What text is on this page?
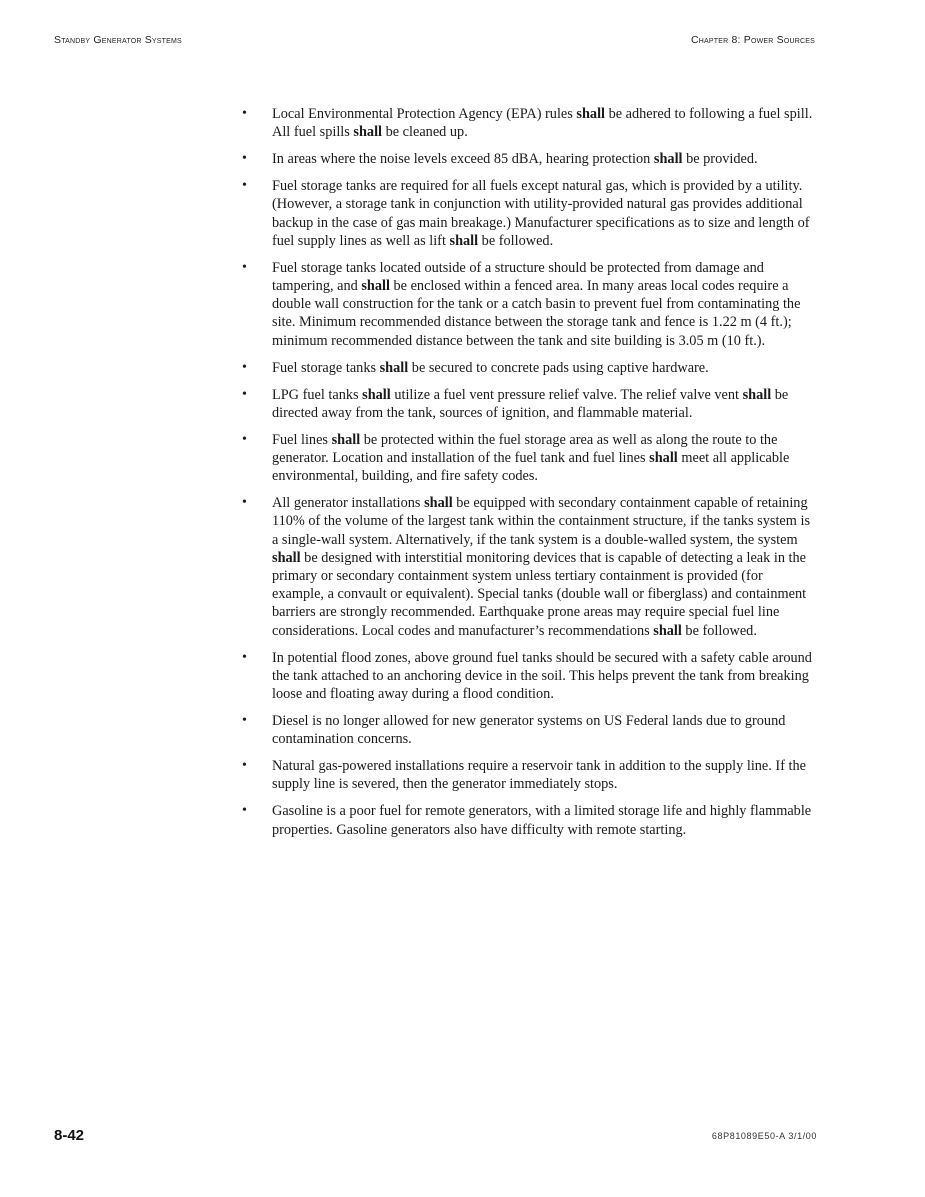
Standby Generator Systems	Chapter 8: Power Sources
• Local Environmental Protection Agency (EPA) rules shall be adhered to following a fuel spill. All fuel spills shall be cleaned up.
• In areas where the noise levels exceed 85 dBA, hearing protection shall be provided.
• Fuel storage tanks are required for all fuels except natural gas, which is provided by a utility. (However, a storage tank in conjunction with utility-provided natural gas provides additional backup in the case of gas main breakage.) Manufacturer specifications as to size and length of fuel supply lines as well as lift shall be followed.
• Fuel storage tanks located outside of a structure should be protected from damage and tampering, and shall be enclosed within a fenced area. In many areas local codes require a double wall construction for the tank or a catch basin to prevent fuel from contaminating the site. Minimum recommended distance between the storage tank and fence is 1.22 m (4 ft.); minimum recommended distance between the tank and site building is 3.05 m (10 ft.).
• Fuel storage tanks shall be secured to concrete pads using captive hardware.
• LPG fuel tanks shall utilize a fuel vent pressure relief valve. The relief valve vent shall be directed away from the tank, sources of ignition, and flammable material.
• Fuel lines shall be protected within the fuel storage area as well as along the route to the generator. Location and installation of the fuel tank and fuel lines shall meet all applicable environmental, building, and fire safety codes.
• All generator installations shall be equipped with secondary containment capable of retaining 110% of the volume of the largest tank within the containment structure, if the tanks system is a single-wall system. Alternatively, if the tank system is a double-walled system, the system shall be designed with interstitial monitoring devices that is capable of detecting a leak in the primary or secondary containment system unless tertiary containment is provided (for example, a convault or equivalent). Special tanks (double wall or fiberglass) and containment barriers are strongly recommended. Earthquake prone areas may require special fuel line considerations. Local codes and manufacturer’s recommendations shall be followed.
• In potential flood zones, above ground fuel tanks should be secured with a safety cable around the tank attached to an anchoring device in the soil. This helps prevent the tank from breaking loose and floating away during a flood condition.
• Diesel is no longer allowed for new generator systems on US Federal lands due to ground contamination concerns.
• Natural gas-powered installations require a reservoir tank in addition to the supply line. If the supply line is severed, then the generator immediately stops.
• Gasoline is a poor fuel for remote generators, with a limited storage life and highly flammable properties. Gasoline generators also have difficulty with remote starting.
8-42	68P81089E50-A 3/1/00
